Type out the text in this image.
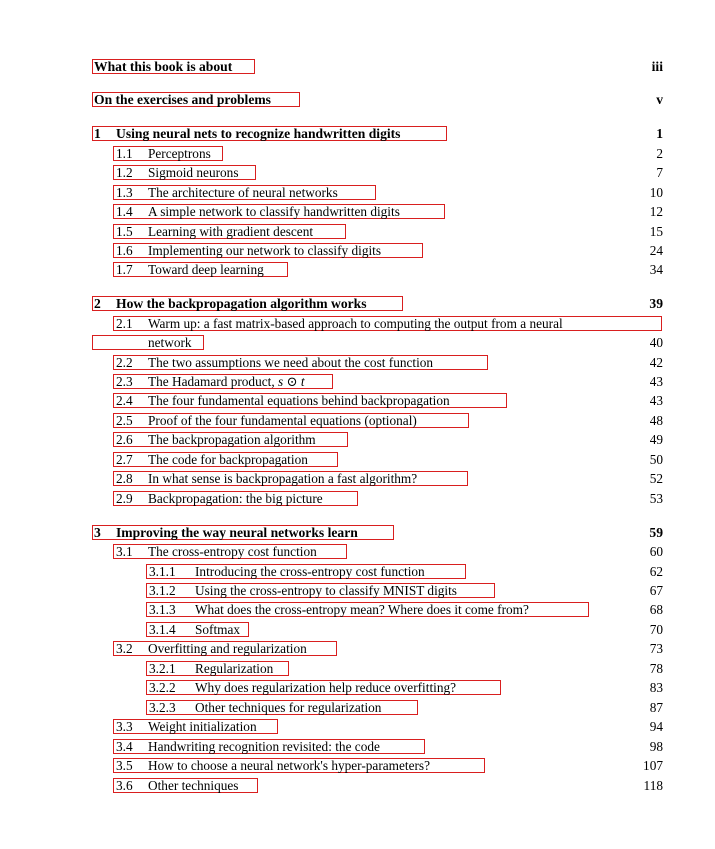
What this book is about	iii
On the exercises and problems	v
1 Using neural nets to recognize handwritten digits	1
1.1 Perceptrons	2
1.2 Sigmoid neurons	7
1.3 The architecture of neural networks	10
1.4 A simple network to classify handwritten digits	12
1.5 Learning with gradient descent	15
1.6 Implementing our network to classify digits	24
1.7 Toward deep learning	34
2 How the backpropagation algorithm works	39
2.1 Warm up: a fast matrix-based approach to computing the output from a neural
network	40
2.2 The two assumptions we need about the cost function	42
2.3 The Hadamard product, s ⊙ t	43
2.4 The four fundamental equations behind backpropagation	43
2.5 Proof of the four fundamental equations (optional)	48
2.6 The backpropagation algorithm	49
2.7 The code for backpropagation	50
2.8 In what sense is backpropagation a fast algorithm?	52
2.9 Backpropagation: the big picture	53
3 Improving the way neural networks learn	59
3.1 The cross-entropy cost function	60
3.1.1 Introducing the cross-entropy cost function	62
3.1.2 Using the cross-entropy to classify MNIST digits	67
3.1.3 What does the cross-entropy mean? Where does it come from?	68
3.1.4 Softmax	70
3.2 Overfitting and regularization	73
3.2.1 Regularization	78
3.2.2 Why does regularization help reduce overfitting?	83
3.2.3 Other techniques for regularization	87
3.3 Weight initialization	94
3.4 Handwriting recognition revisited: the code	98
3.5 How to choose a neural network's hyper-parameters?	107
3.6 Other techniques	118
